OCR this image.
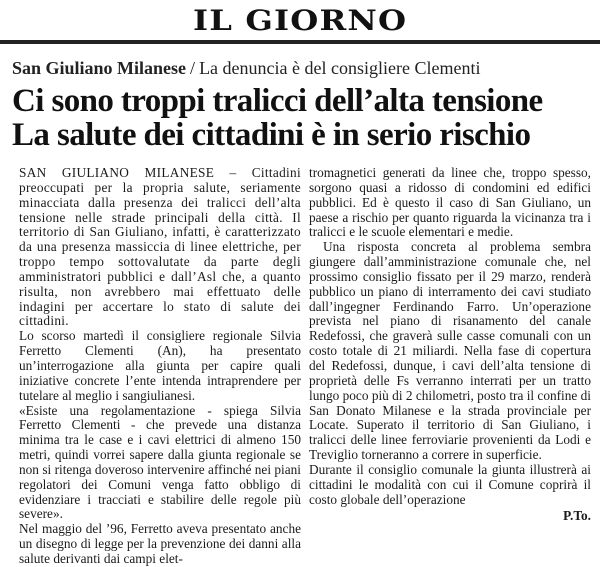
IL GIORNO
San Giuliano Milanese / La denuncia è del consigliere Clementi
Ci sono troppi tralicci dell’alta tensione
La salute dei cittadini è in serio rischio

SAN GIULIANO MILANESE – Cittadini preoccupati per la propria salute, seriamente minacciata dalla presenza dei tralicci dell’alta tensione nelle strade principali della città. Il territorio di San Giuliano, infatti, è caratterizzato da una presenza massiccia di linee elettriche, per troppo tempo sottovalutate da parte degli amministratori pubblici e dall’Asl che, a quanto risulta, non avrebbero mai effettuato delle indagini per accertare lo stato di salute dei cittadini.

Lo scorso martedì il consigliere regionale Silvia Ferretto Clementi (An), ha presentato un’interrogazione alla giunta per capire quali iniziative concrete l’ente intenda intraprendere per tutelare al meglio i sangiulianesi.

«Esiste una regolamentazione - spiega Silvia Ferretto Clementi - che prevede una distanza minima tra le case e i cavi elettrici di almeno 150 metri, quindi vorrei sapere dalla giunta regionale se non si ritenga doveroso intervenire affinché nei piani regolatori dei Comuni venga fatto obbligo di evidenziare i tracciati e stabilire delle regole più severe».

Nel maggio del ’96, Ferretto aveva presentato anche un disegno di legge per la prevenzione dei danni alla salute derivanti dai campi elet-

tromagnetici generati da linee che, troppo spesso, sorgono quasi a ridosso di condomini ed edifici pubblici. Ed è questo il caso di San Giuliano, un paese a rischio per quanto riguarda la vicinanza tra i tralicci e le scuole elementari e medie.

Una risposta concreta al problema sembra giungere dall’amministrazione comunale che, nel prossimo consiglio fissato per il 29 marzo, renderà pubblico un piano di interramento dei cavi studiato dall’ingegner Ferdinando Farro. Un’operazione prevista nel piano di risanamento del canale Redefossi, che graverà sulle casse comunali con un costo totale di 21 miliardi. Nella fase di copertura del Redefossi, dunque, i cavi dell’alta tensione di proprietà delle Fs verranno interrati per un tratto lungo poco più di 2 chilometri, posto tra il confine di San Donato Milanese e la strada provinciale per Locate. Superato il territorio di San Giuliano, i tralicci delle linee ferroviarie provenienti da Lodi e Treviglio torneranno a correre in superficie.

Durante il consiglio comunale la giunta illustrerà ai cittadini le modalità con cui il Comune coprirà il costo globale dell’operazione

P.To.
